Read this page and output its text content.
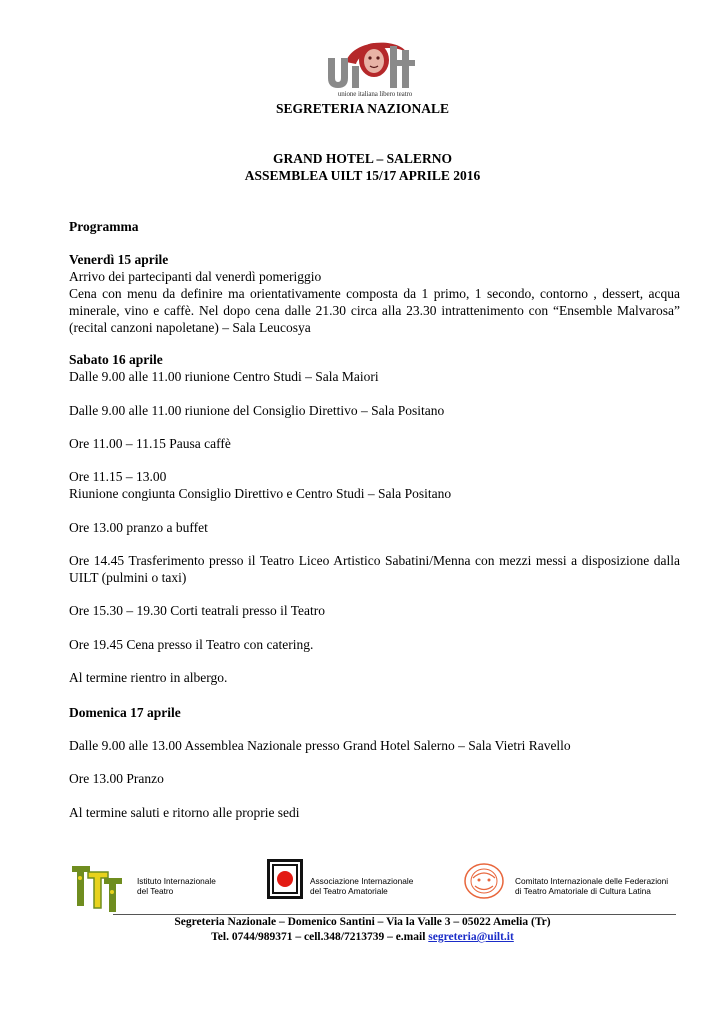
unione italiana libero teatro
SEGRETERIA NAZIONALE
GRAND HOTEL – SALERNO
ASSEMBLEA UILT 15/17 APRILE 2016
Programma
Venerdì 15 aprile
Arrivo dei partecipanti dal venerdì pomeriggio
Cena con menu da definire ma orientativamente composta da 1 primo, 1 secondo, contorno , dessert, acqua minerale, vino e caffè. Nel dopo cena dalle 21.30 circa alla 23.30 intrattenimento con “Ensemble Malvarosa” (recital canzoni napoletane) – Sala Leucosya
Sabato 16 aprile
Dalle 9.00 alle 11.00 riunione Centro Studi – Sala Maiori
Dalle 9.00 alle 11.00 riunione del Consiglio Direttivo – Sala Positano
Ore 11.00 – 11.15 Pausa caffè
Ore 11.15 – 13.00
Riunione congiunta Consiglio Direttivo e Centro Studi – Sala Positano
Ore 13.00 pranzo a buffet
Ore 14.45 Trasferimento presso il Teatro Liceo Artistico Sabatini/Menna con mezzi messi a disposizione dalla UILT (pulmini o taxi)
Ore 15.30 – 19.30 Corti teatrali presso il Teatro
Ore 19.45 Cena presso il Teatro con catering.
Al termine rientro in albergo.
Domenica 17 aprile
Dalle 9.00 alle 13.00 Assemblea Nazionale presso Grand Hotel Salerno – Sala Vietri Ravello
Ore 13.00 Pranzo
Al termine saluti e ritorno alle proprie sedi
Istituto Internazionale
del Teatro
Associazione Internazionale
del Teatro Amatoriale
Comitato Internazionale delle Federazioni
di Teatro Amatoriale di Cultura Latina
Segreteria Nazionale – Domenico Santini – Via la Valle 3 – 05022 Amelia (Tr)
Tel. 0744/989371 – cell.348/7213739 – e.mail segreteria@uilt.it
